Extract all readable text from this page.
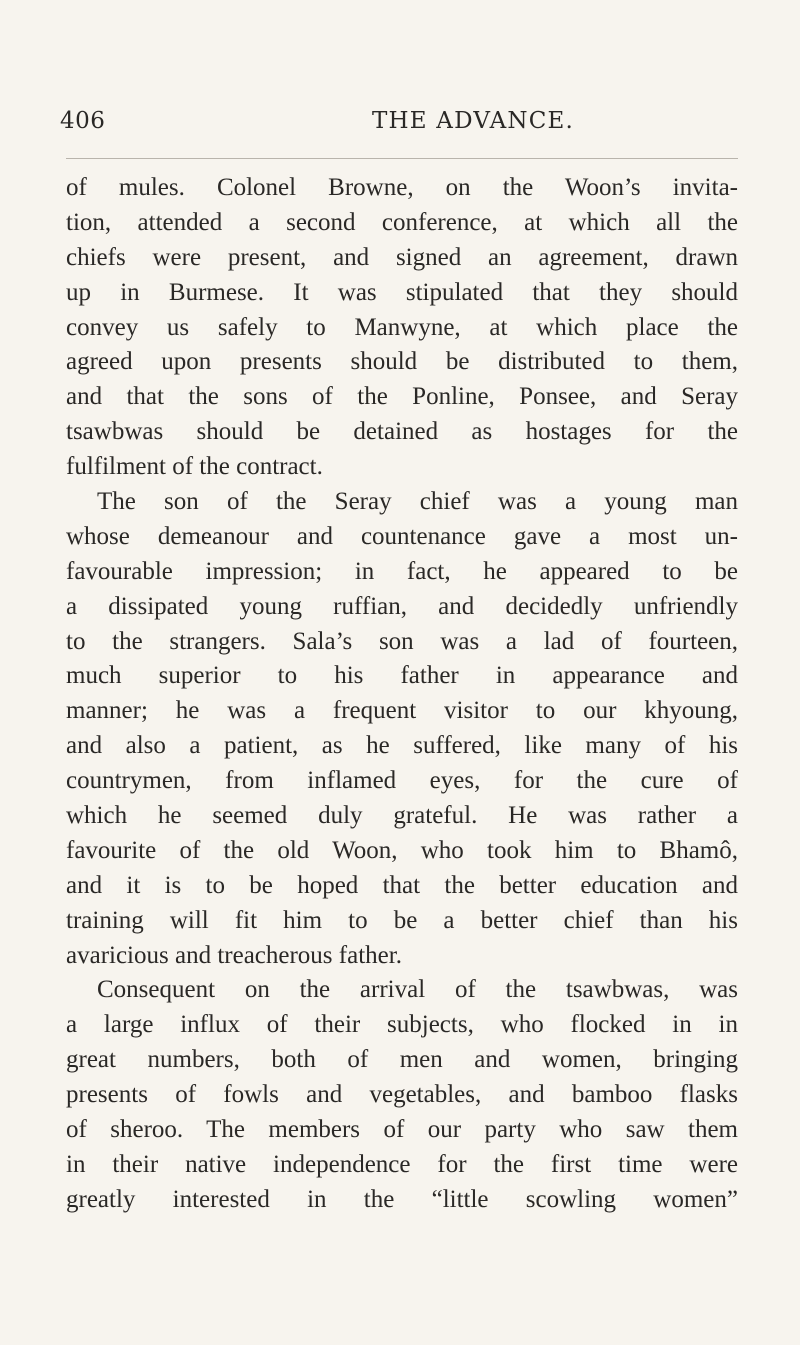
406	THE ADVANCE.
of mules. Colonel Browne, on the Woon’s invita-
tion, attended a second conference, at which all the
chiefs were present, and signed an agreement, drawn
up in Burmese. It was stipulated that they should
convey us safely to Manwyne, at which place the
agreed upon presents should be distributed to them,
and that the sons of the Ponline, Ponsee, and Seray
tsawbwas should be detained as hostages for the
fulfilment of the contract.
The son of the Seray chief was a young man
whose demeanour and countenance gave a most un-
favourable impression; in fact, he appeared to be
a dissipated young ruffian, and decidedly unfriendly
to the strangers. Sala’s son was a lad of fourteen,
much superior to his father in appearance and
manner; he was a frequent visitor to our khyoung,
and also a patient, as he suffered, like many of his
countrymen, from inflamed eyes, for the cure of
which he seemed duly grateful. He was rather a
favourite of the old Woon, who took him to Bhamô,
and it is to be hoped that the better education and
training will fit him to be a better chief than his
avaricious and treacherous father.
Consequent on the arrival of the tsawbwas, was
a large influx of their subjects, who flocked in in
great numbers, both of men and women, bringing
presents of fowls and vegetables, and bamboo flasks
of sheroo. The members of our party who saw them
in their native independence for the first time were
greatly interested in the “little scowling women”
